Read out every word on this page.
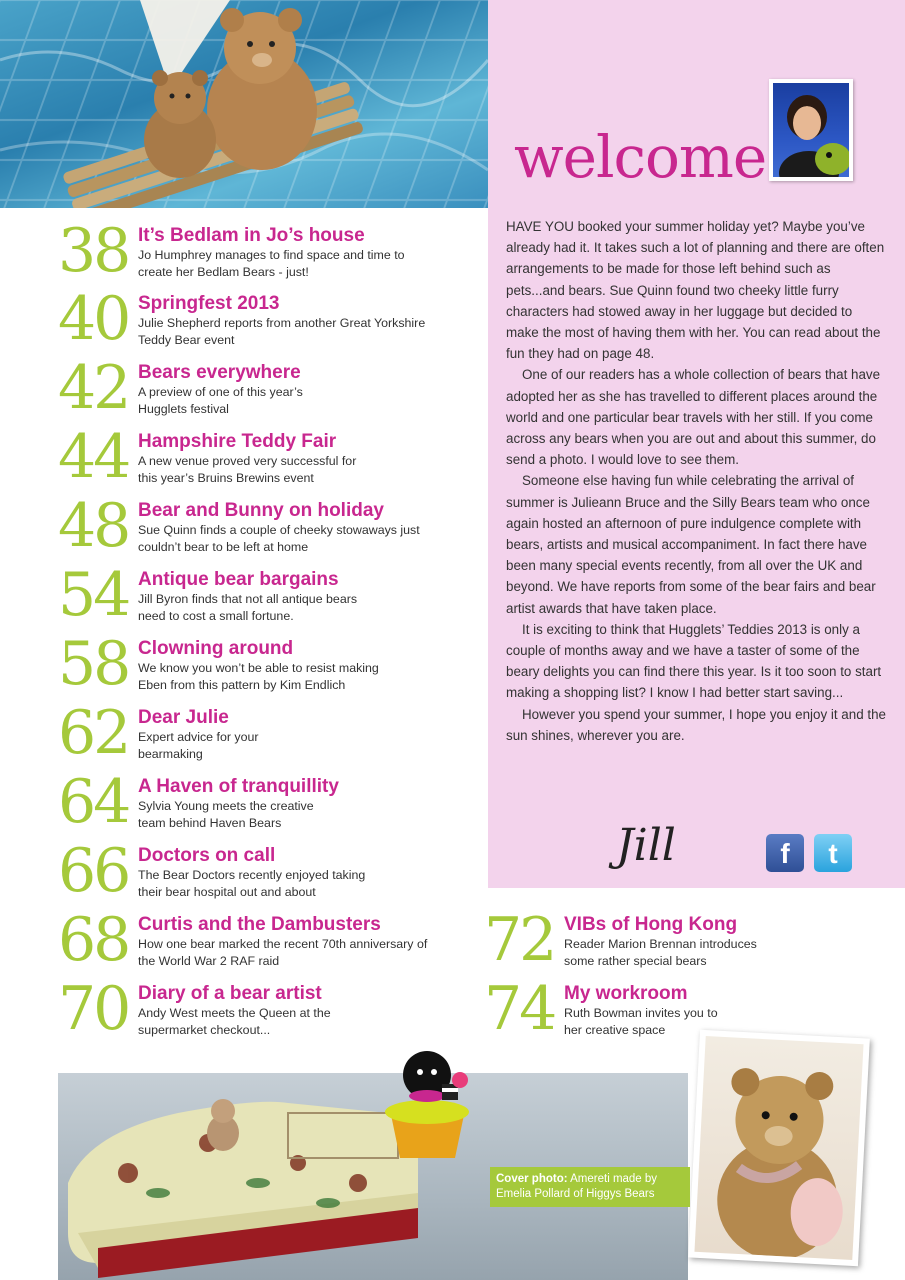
welcome

HAVE YOU booked your summer holiday yet? Maybe you’ve already had it. It takes such a lot of planning and there are often arrangements to be made for those left behind such as pets...and bears. Sue Quinn found two cheeky little furry characters had stowed away in her luggage but decided to make the most of having them with her. You can read about the fun they had on page 48.

One of our readers has a whole collection of bears that have adopted her as she has travelled to different places around the world and one particular bear travels with her still. If you come across any bears when you are out and about this summer, do send a photo. I would love to see them.

Someone else having fun while celebrating the arrival of summer is Julieann Bruce and the Silly Bears team who once again hosted an afternoon of pure indulgence complete with bears, artists and musical accompaniment. In fact there have been many special events recently, from all over the UK and beyond. We have reports from some of the bear fairs and bear artist awards that have taken place.

It is exciting to think that Hugglets’ Teddies 2013 is only a couple of months away and we have a taster of some of the beary delights you can find there this year. Is it too soon to start making a shopping list? I know I had better start saving...

However you spend your summer, I hope you enjoy it and the sun shines, wherever you are.

Jill	f	t
38 It’s Bedlam in Jo’s house
Jo Humphrey manages to find space and time to create her Bedlam Bears - just!
40 Springfest 2013
Julie Shepherd reports from another Great Yorkshire Teddy Bear event
42 Bears everywhere
A preview of one of this year’s Hugglets festival
44 Hampshire Teddy Fair
A new venue proved very successful for this year’s Bruins Brewins event
48 Bear and Bunny on holiday
Sue Quinn finds a couple of cheeky stowaways just couldn’t bear to be left at home
54 Antique bear bargains
Jill Byron finds that not all antique bears need to cost a small fortune.
58 Clowning around
We know you won’t be able to resist making Eben from this pattern by Kim Endlich
62 Dear Julie
Expert advice for your bearmaking
64 A Haven of tranquillity
Sylvia Young meets the creative team behind Haven Bears
66 Doctors on call
The Bear Doctors recently enjoyed taking their bear hospital out and about
68 Curtis and the Dambusters
How one bear marked the recent 70th anniversary of the World War 2 RAF raid
70 Diary of a bear artist
Andy West meets the Queen at the supermarket checkout...
72 VIBs of Hong Kong
Reader Marion Brennan introduces some rather special bears
74 My workroom
Ruth Bowman invites you to her creative space
Cover photo: Amereti made by Emelia Pollard of Higgys Bears
